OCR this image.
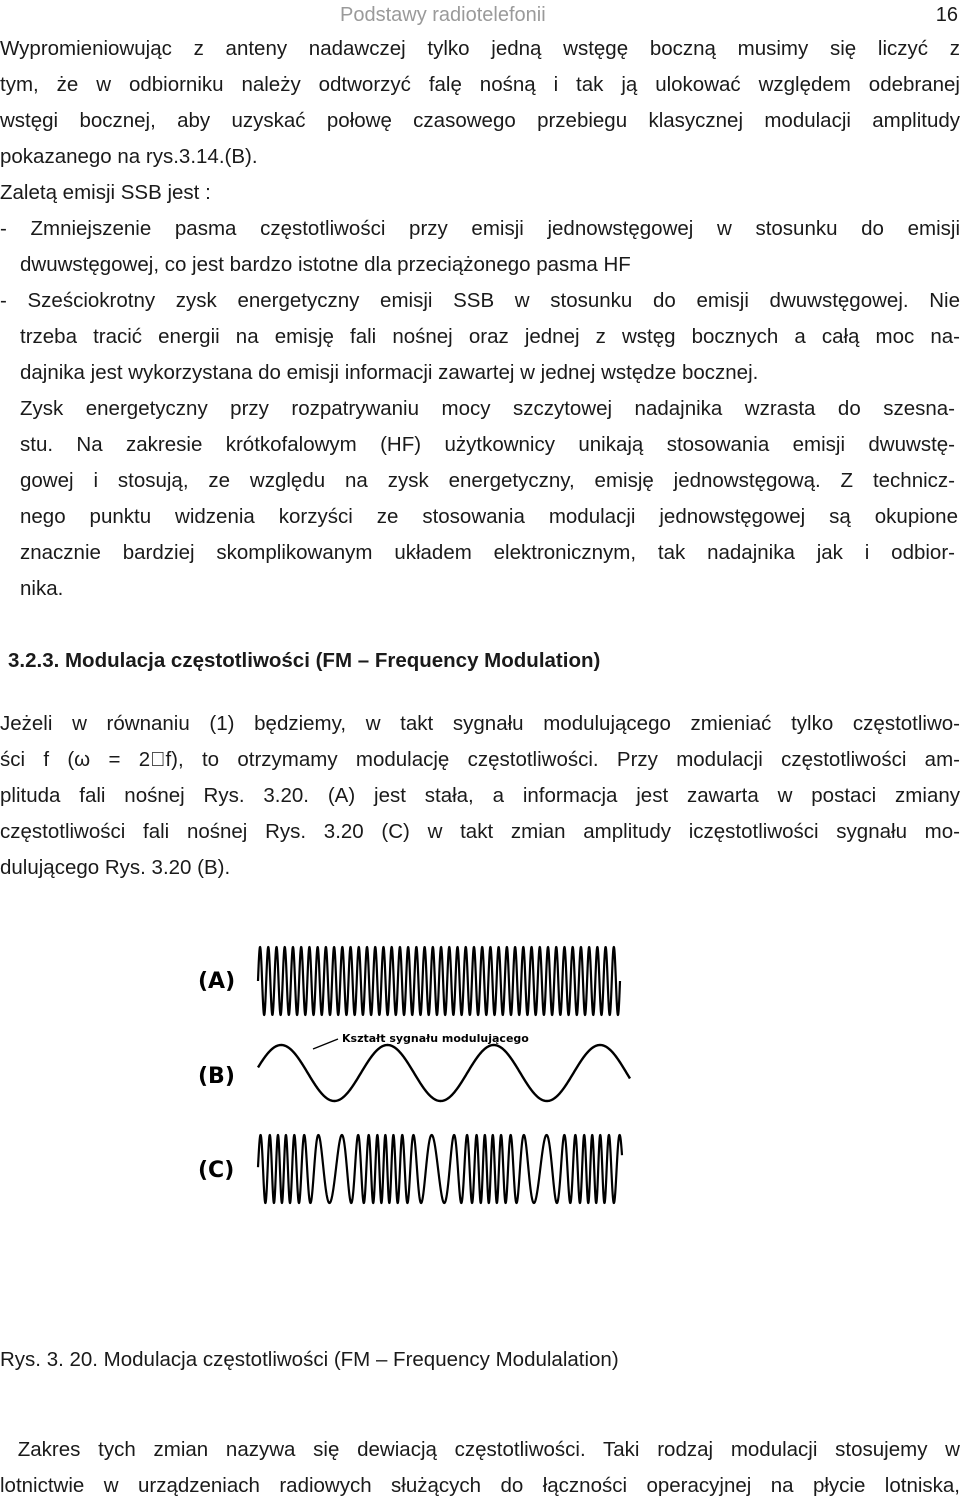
Podstawy radiotelefonii	16
Wypromieniowując z anteny nadawczej tylko jedną wstęgę boczną musimy się liczyć z
tym, że w odbiorniku należy odtworzyć falę nośną i tak ją ulokować względem odebranej
wstęgi bocznej, aby uzyskać połowę czasowego przebiegu klasycznej modulacji amplitudy
pokazanego na rys.3.14.(B).
Zaletą emisji SSB jest :
- Zmniejszenie pasma częstotliwości przy emisji jednowstęgowej w stosunku do emisji
dwuwstęgowej, co jest bardzo istotne dla przeciążonego pasma HF
- Sześciokrotny zysk energetyczny emisji SSB w stosunku do emisji dwuwstęgowej. Nie
trzeba tracić energii na emisję fali nośnej oraz jednej z wstęg bocznych a całą moc na-
dajnika jest wykorzystana do emisji informacji zawartej w jednej wstędze bocznej.
Zysk energetyczny przy rozpatrywaniu mocy szczytowej nadajnika wzrasta do szesna-
stu. Na zakresie krótkofalowym (HF) użytkownicy unikają stosowania emisji dwuwstę-
gowej i stosują, ze względu na zysk energetyczny, emisję jednowstęgową. Z technicz-
nego punktu widzenia korzyści ze stosowania modulacji jednowstęgowej są okupione
znacznie bardziej skomplikowanym układem elektronicznym, tak nadajnika jak i odbior-
nika.
3.2.3. Modulacja częstotliwości (FM – Frequency Modulation)
Jeżeli w równaniu (1) będziemy, w takt sygnału modulującego zmieniać tylko częstotliwo-
ści f (ω = 2 f), to otrzymamy modulację częstotliwości. Przy modulacji częstotliwości am-
plituda fali nośnej Rys. 3.20. (A) jest stała, a informacja jest zawarta w postaci zmiany
częstotliwości fali nośnej Rys. 3.20 (C) w takt zmian amplitudy iczęstotliwości sygnału mo-
dulującego Rys. 3.20 (B).
(A)
(B)
(C)
Kształt sygnału modulującego
Rys. 3. 20. Modulacja częstotliwości (FM – Frequency Modulalation)
Zakres tych zmian nazywa się dewiacją częstotliwości. Taki rodzaj modulacji stosujemy w
lotnictwie w urządzeniach radiowych służących do łączności operacyjnej na płycie lotniska,
